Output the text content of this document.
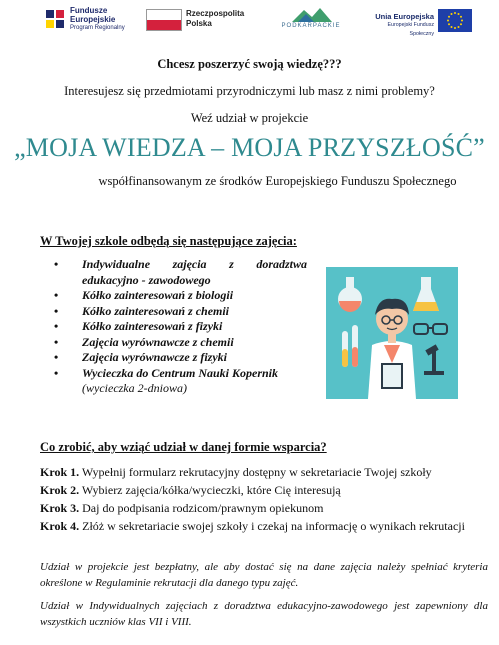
Fundusze
Europejskie
Program Regionalny
Rzeczpospolita
Polska	PODKARPACKIE
Unia Europejska
Europejski Fundusz Społeczny
Chcesz poszerzyć swoją wiedzę???
Interesujesz się przedmiotami przyrodniczymi lub masz z nimi problemy?
Weź udział w projekcie
„MOJA WIEDZA – MOJA PRZYSZŁOŚĆ”
współfinansowanym ze środków Europejskiego Funduszu Społecznego
W Twojej szkole odbędą się następujące zajęcia:
• Indywidualne zajęcia z doradztwa
edukacyjno - zawodowego
• Kółko zainteresowań z biologii
• Kółko zainteresowań z chemii
• Kółko zainteresowań z fizyki
• Zajęcia wyrównawcze z chemii
• Zajęcia wyrównawcze z fizyki
• Wycieczka do Centrum Nauki Kopernik
(wycieczka 2-dniowa)
Co zrobić, aby wziąć udział w danej formie wsparcia?
Krok 1. Wypełnij formularz rekrutacyjny dostępny w sekretariacie Twojej szkoły
Krok 2. Wybierz zajęcia/kółka/wycieczki, które Cię interesują
Krok 3. Daj do podpisania rodzicom/prawnym opiekunom
Krok 4. Złóż w sekretariacie swojej szkoły i czekaj na informację o wynikach rekrutacji
Udział w projekcie jest bezpłatny, ale aby dostać się na dane zajęcia należy spełniać kryteria określone w Regulaminie rekrutacji dla danego typu zajęć.
Udział w Indywidualnych zajęciach z doradztwa edukacyjno-zawodowego jest zapewniony dla wszystkich uczniów klas VII i VIII.
